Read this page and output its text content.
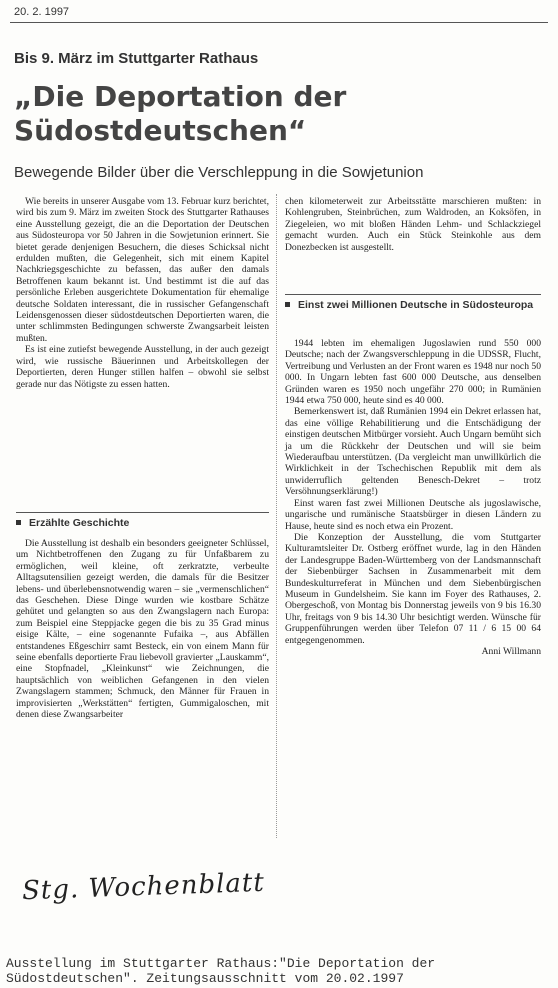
20. 2. 1997
Bis 9. März im Stuttgarter Rathaus
„Die Deportation der Südostdeutschen“
Bewegende Bilder über die Verschleppung in die Sowjetunion

Wie bereits in unserer Ausgabe vom 13. Februar kurz berichtet, wird bis zum 9. März im zweiten Stock des Stuttgarter Rathauses eine Ausstellung gezeigt, die an die Deportation der Deutschen aus Südosteuropa vor 50 Jahren in die Sowjetunion erinnert. Sie bietet gerade denjenigen Besuchern, die dieses Schicksal nicht erdulden mußten, die Gelegenheit, sich mit einem Kapitel Nachkriegsgeschichte zu befassen, das außer den damals Betroffenen kaum bekannt ist. Und bestimmt ist die auf das persönliche Erleben ausgerichtete Dokumentation für ehemalige deutsche Soldaten interessant, die in russischer Gefangenschaft Leidensgenossen dieser südostdeutschen Deportierten waren, die unter schlimmsten Bedingungen schwerste Zwangsarbeit leisten mußten.

Es ist eine zutiefst bewegende Ausstellung, in der auch gezeigt wird, wie russische Bäuerinnen und Arbeitskollegen der Deportierten, deren Hunger stillen halfen – obwohl sie selbst gerade nur das Nötigste zu essen hatten.

Erzählte Geschichte

Die Ausstellung ist deshalb ein besonders geeigneter Schlüssel, um Nichtbetroffenen den Zugang zu für Unfaßbarem zu ermöglichen, weil kleine, oft zerkratzte, verbeulte Alltagsutensilien gezeigt werden, die damals für die Besitzer lebens- und überlebensnotwendig waren – sie „vermenschlichen“ das Geschehen. Diese Dinge wurden wie kostbare Schätze gehütet und gelangten so aus den Zwangslagern nach Europa: zum Beispiel eine Steppjacke gegen die bis zu 35 Grad minus eisige Kälte, – eine sogenannte Fufaika –, aus Abfällen entstandenes Eßgeschirr samt Besteck, ein von einem Mann für seine ebenfalls deportierte Frau liebevoll gravierter „Lauskamm“, eine Stopfnadel, „Kleinkunst“ wie Zeichnungen, die hauptsächlich von weiblichen Gefangenen in den vielen Zwangslagern stammen; Schmuck, den Männer für Frauen in improvisierten „Werkstätten“ fertigten, Gummigaloschen, mit denen diese Zwangsarbeiter

chen kilometerweit zur Arbeitsstätte marschieren mußten: in Kohlengruben, Steinbrüchen, zum Waldroden, an Koksöfen, in Ziegeleien, wo mit bloßen Händen Lehm- und Schlackziegel gemacht wurden. Auch ein Stück Steinkohle aus dem Donezbecken ist ausgestellt.

Einst zwei Millionen Deutsche in Südosteuropa

1944 lebten im ehemaligen Jugoslawien rund 550 000 Deutsche; nach der Zwangsverschleppung in die UDSSR, Flucht, Vertreibung und Verlusten an der Front waren es 1948 nur noch 50 000. In Ungarn lebten fast 600 000 Deutsche, aus denselben Gründen waren es 1950 noch ungefähr 270 000; in Rumänien 1944 etwa 750 000, heute sind es 40 000.

Bemerkenswert ist, daß Rumänien 1994 ein Dekret erlassen hat, das eine völlige Rehabilitierung und die Entschädigung der einstigen deutschen Mitbürger vorsieht. Auch Ungarn bemüht sich ja um die Rückkehr der Deutschen und will sie beim Wiederaufbau unterstützen. (Da vergleicht man unwillkürlich die Wirklichkeit in der Tschechischen Republik mit dem als unwiderruflich geltenden Benesch-Dekret – trotz Versöhnungserklärung!)

Einst waren fast zwei Millionen Deutsche als jugoslawische, ungarische und rumänische Staatsbürger in diesen Ländern zu Hause, heute sind es noch etwa ein Prozent.

Die Konzeption der Ausstellung, die vom Stuttgarter Kulturamtsleiter Dr. Ostberg eröffnet wurde, lag in den Händen der Landesgruppe Baden-Württemberg von der Landsmannschaft der Siebenbürger Sachsen in Zusammenarbeit mit dem Bundeskulturreferat in München und dem Siebenbürgischen Museum in Gundelsheim. Sie kann im Foyer des Rathauses, 2. Obergeschoß, von Montag bis Donnerstag jeweils von 9 bis 16.30 Uhr, freitags von 9 bis 14.30 Uhr besichtigt werden. Wünsche für Gruppenführungen werden über Telefon 07 11 / 6 15 00 64 entgegengenommen.

Anni Willmann
Stg. Wochenblatt
Ausstellung im Stuttgarter Rathaus:"Die Deportation der
Südostdeutschen". Zeitungsausschnitt vom 20.02.1997
